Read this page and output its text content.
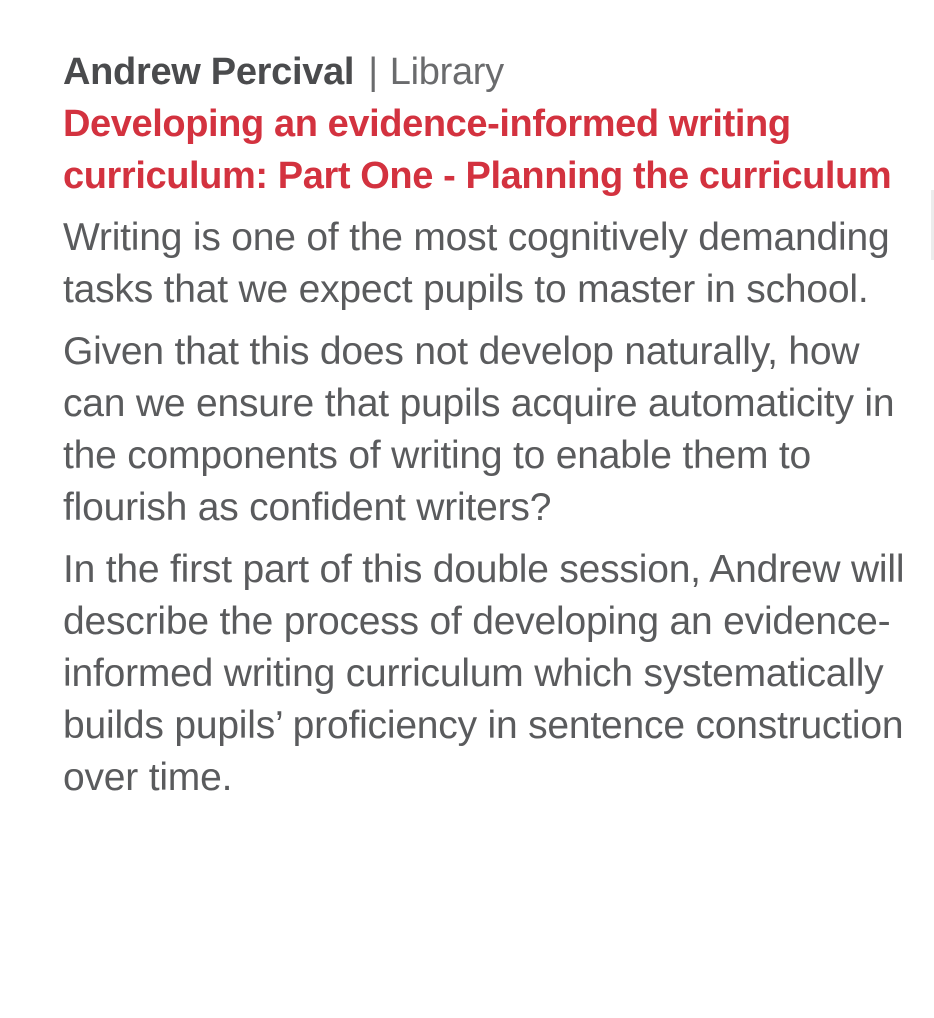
Andrew Percival | Library
Developing an evidence-informed writing curriculum: Part One - Planning the curriculum

Writing is one of the most cognitively demanding tasks that we expect pupils to master in school.

Given that this does not develop naturally, how can we ensure that pupils acquire automaticity in the components of writing to enable them to flourish as confident writers?

In the first part of this double session, Andrew will describe the process of developing an evidence-informed writing curriculum which systematically builds pupils’ proficiency in sentence construction over time.
